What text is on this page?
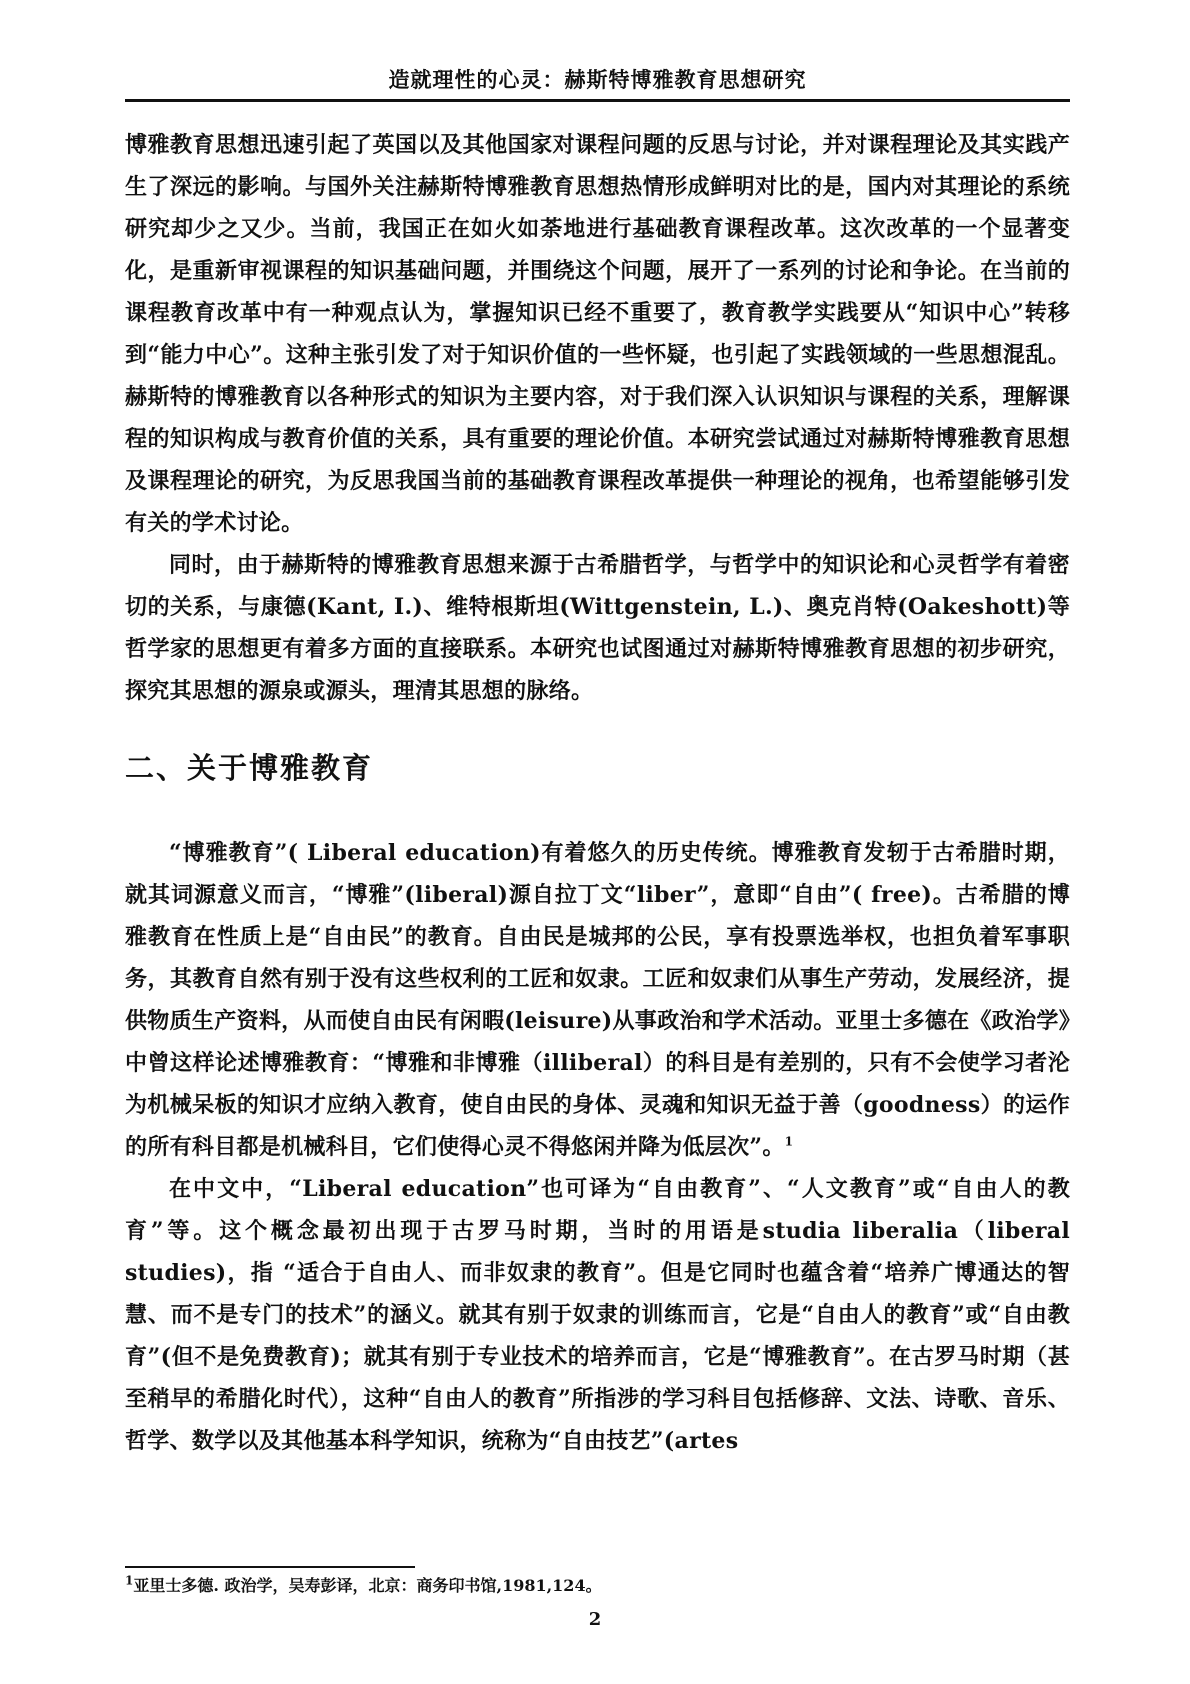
造就理性的心灵：赫斯特博雅教育思想研究

博雅教育思想迅速引起了英国以及其他国家对课程问题的反思与讨论，并对课程理论及其实践产生了深远的影响。与国外关注赫斯特博雅教育思想热情形成鲜明对比的是，国内对其理论的系统研究却少之又少。当前，我国正在如火如荼地进行基础教育课程改革。这次改革的一个显著变化，是重新审视课程的知识基础问题，并围绕这个问题，展开了一系列的讨论和争论。在当前的课程教育改革中有一种观点认为，掌握知识已经不重要了，教育教学实践要从“知识中心”转移到“能力中心”。这种主张引发了对于知识价值的一些怀疑，也引起了实践领域的一些思想混乱。赫斯特的博雅教育以各种形式的知识为主要内容，对于我们深入认识知识与课程的关系，理解课程的知识构成与教育价值的关系，具有重要的理论价值。本研究尝试通过对赫斯特博雅教育思想及课程理论的研究，为反思我国当前的基础教育课程改革提供一种理论的视角，也希望能够引发有关的学术讨论。

同时，由于赫斯特的博雅教育思想来源于古希腊哲学，与哲学中的知识论和心灵哲学有着密切的关系，与康德(Kant, I.)、维特根斯坦(Wittgenstein, L.)、奥克肖特(Oakeshott)等哲学家的思想更有着多方面的直接联系。本研究也试图通过对赫斯特博雅教育思想的初步研究，探究其思想的源泉或源头，理清其思想的脉络。

二、关于博雅教育

“博雅教育”( Liberal education)有着悠久的历史传统。博雅教育发轫于古希腊时期，就其词源意义而言，“博雅”(liberal)源自拉丁文“liber”，意即“自由”( free)。古希腊的博雅教育在性质上是“自由民”的教育。自由民是城邦的公民，享有投票选举权，也担负着军事职务，其教育自然有别于没有这些权利的工匠和奴隶。工匠和奴隶们从事生产劳动，发展经济，提供物质生产资料，从而使自由民有闲暇(leisure)从事政治和学术活动。亚里士多德在《政治学》中曾这样论述博雅教育：“博雅和非博雅（illiberal）的科目是有差别的，只有不会使学习者沦为机械呆板的知识才应纳入教育，使自由民的身体、灵魂和知识无益于善（goodness）的运作的所有科目都是机械科目，它们使得心灵不得悠闲并降为低层次”。$^1$

在中文中，“Liberal education”也可译为“自由教育”、“人文教育”或“自由人的教育”等。这个概念最初出现于古罗马时期，当时的用语是studia liberalia（liberal studies)，指 “适合于自由人、而非奴隶的教育”。但是它同时也蕴含着“培养广博通达的智慧、而不是专门的技术”的涵义。就其有别于奴隶的训练而言，它是“自由人的教育”或“自由教育”(但不是免费教育)；就其有别于专业技术的培养而言，它是“博雅教育”。在古罗马时期（甚至稍早的希腊化时代），这种“自由人的教育”所指涉的学习科目包括修辞、文法、诗歌、音乐、哲学、数学以及其他基本科学知识，统称为“自由技艺”(artes

$^1$亚里士多德. 政治学，吴寿彭译，北京：商务印书馆,1981,124。
2
